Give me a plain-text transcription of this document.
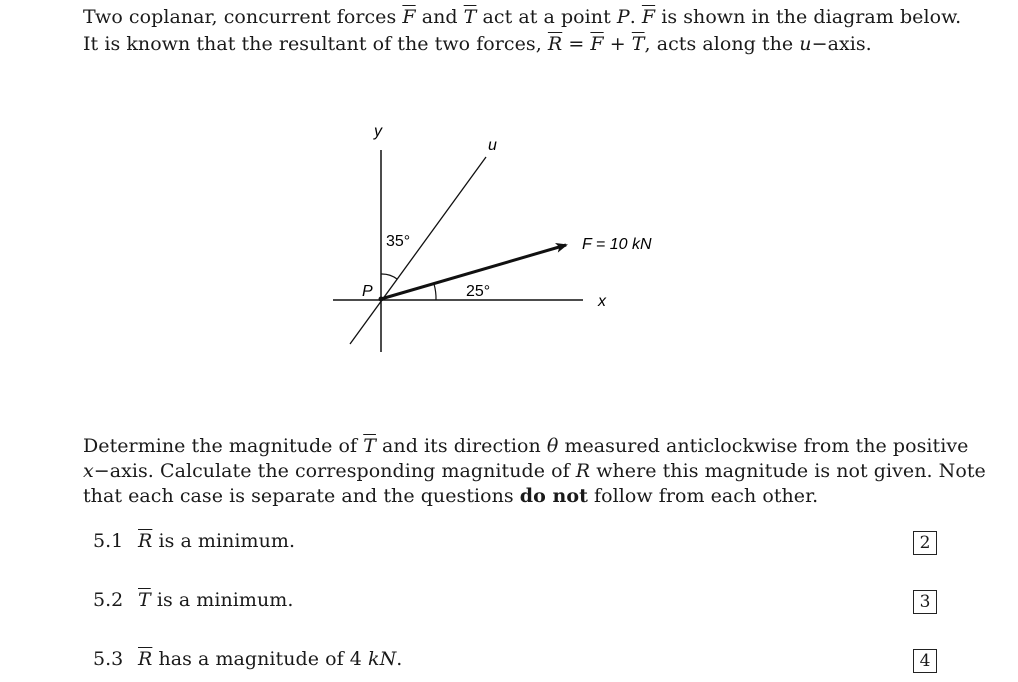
Two coplanar, concurrent forces $\overline{F}$ and $\overline{T}$ act at a point P. $\overline{F}$ is shown in the diagram below.
It is known that the resultant of the two forces, $\overline{R} = \overline{F} + \overline{T}$, acts along the u−axis.
y
u
x
P
35°
25°
F = 10 kN
Determine the magnitude of $\overline{T}$ and its direction θ measured anticlockwise from the positive
x−axis. Calculate the corresponding magnitude of R where this magnitude is not given. Note
that each case is separate and the questions do not follow from each other.
5.1 $\overline{R}$ is a minimum.	2
5.2 $\overline{T}$ is a minimum.	3
5.3 $\overline{R}$ has a magnitude of 4 kN.	4
